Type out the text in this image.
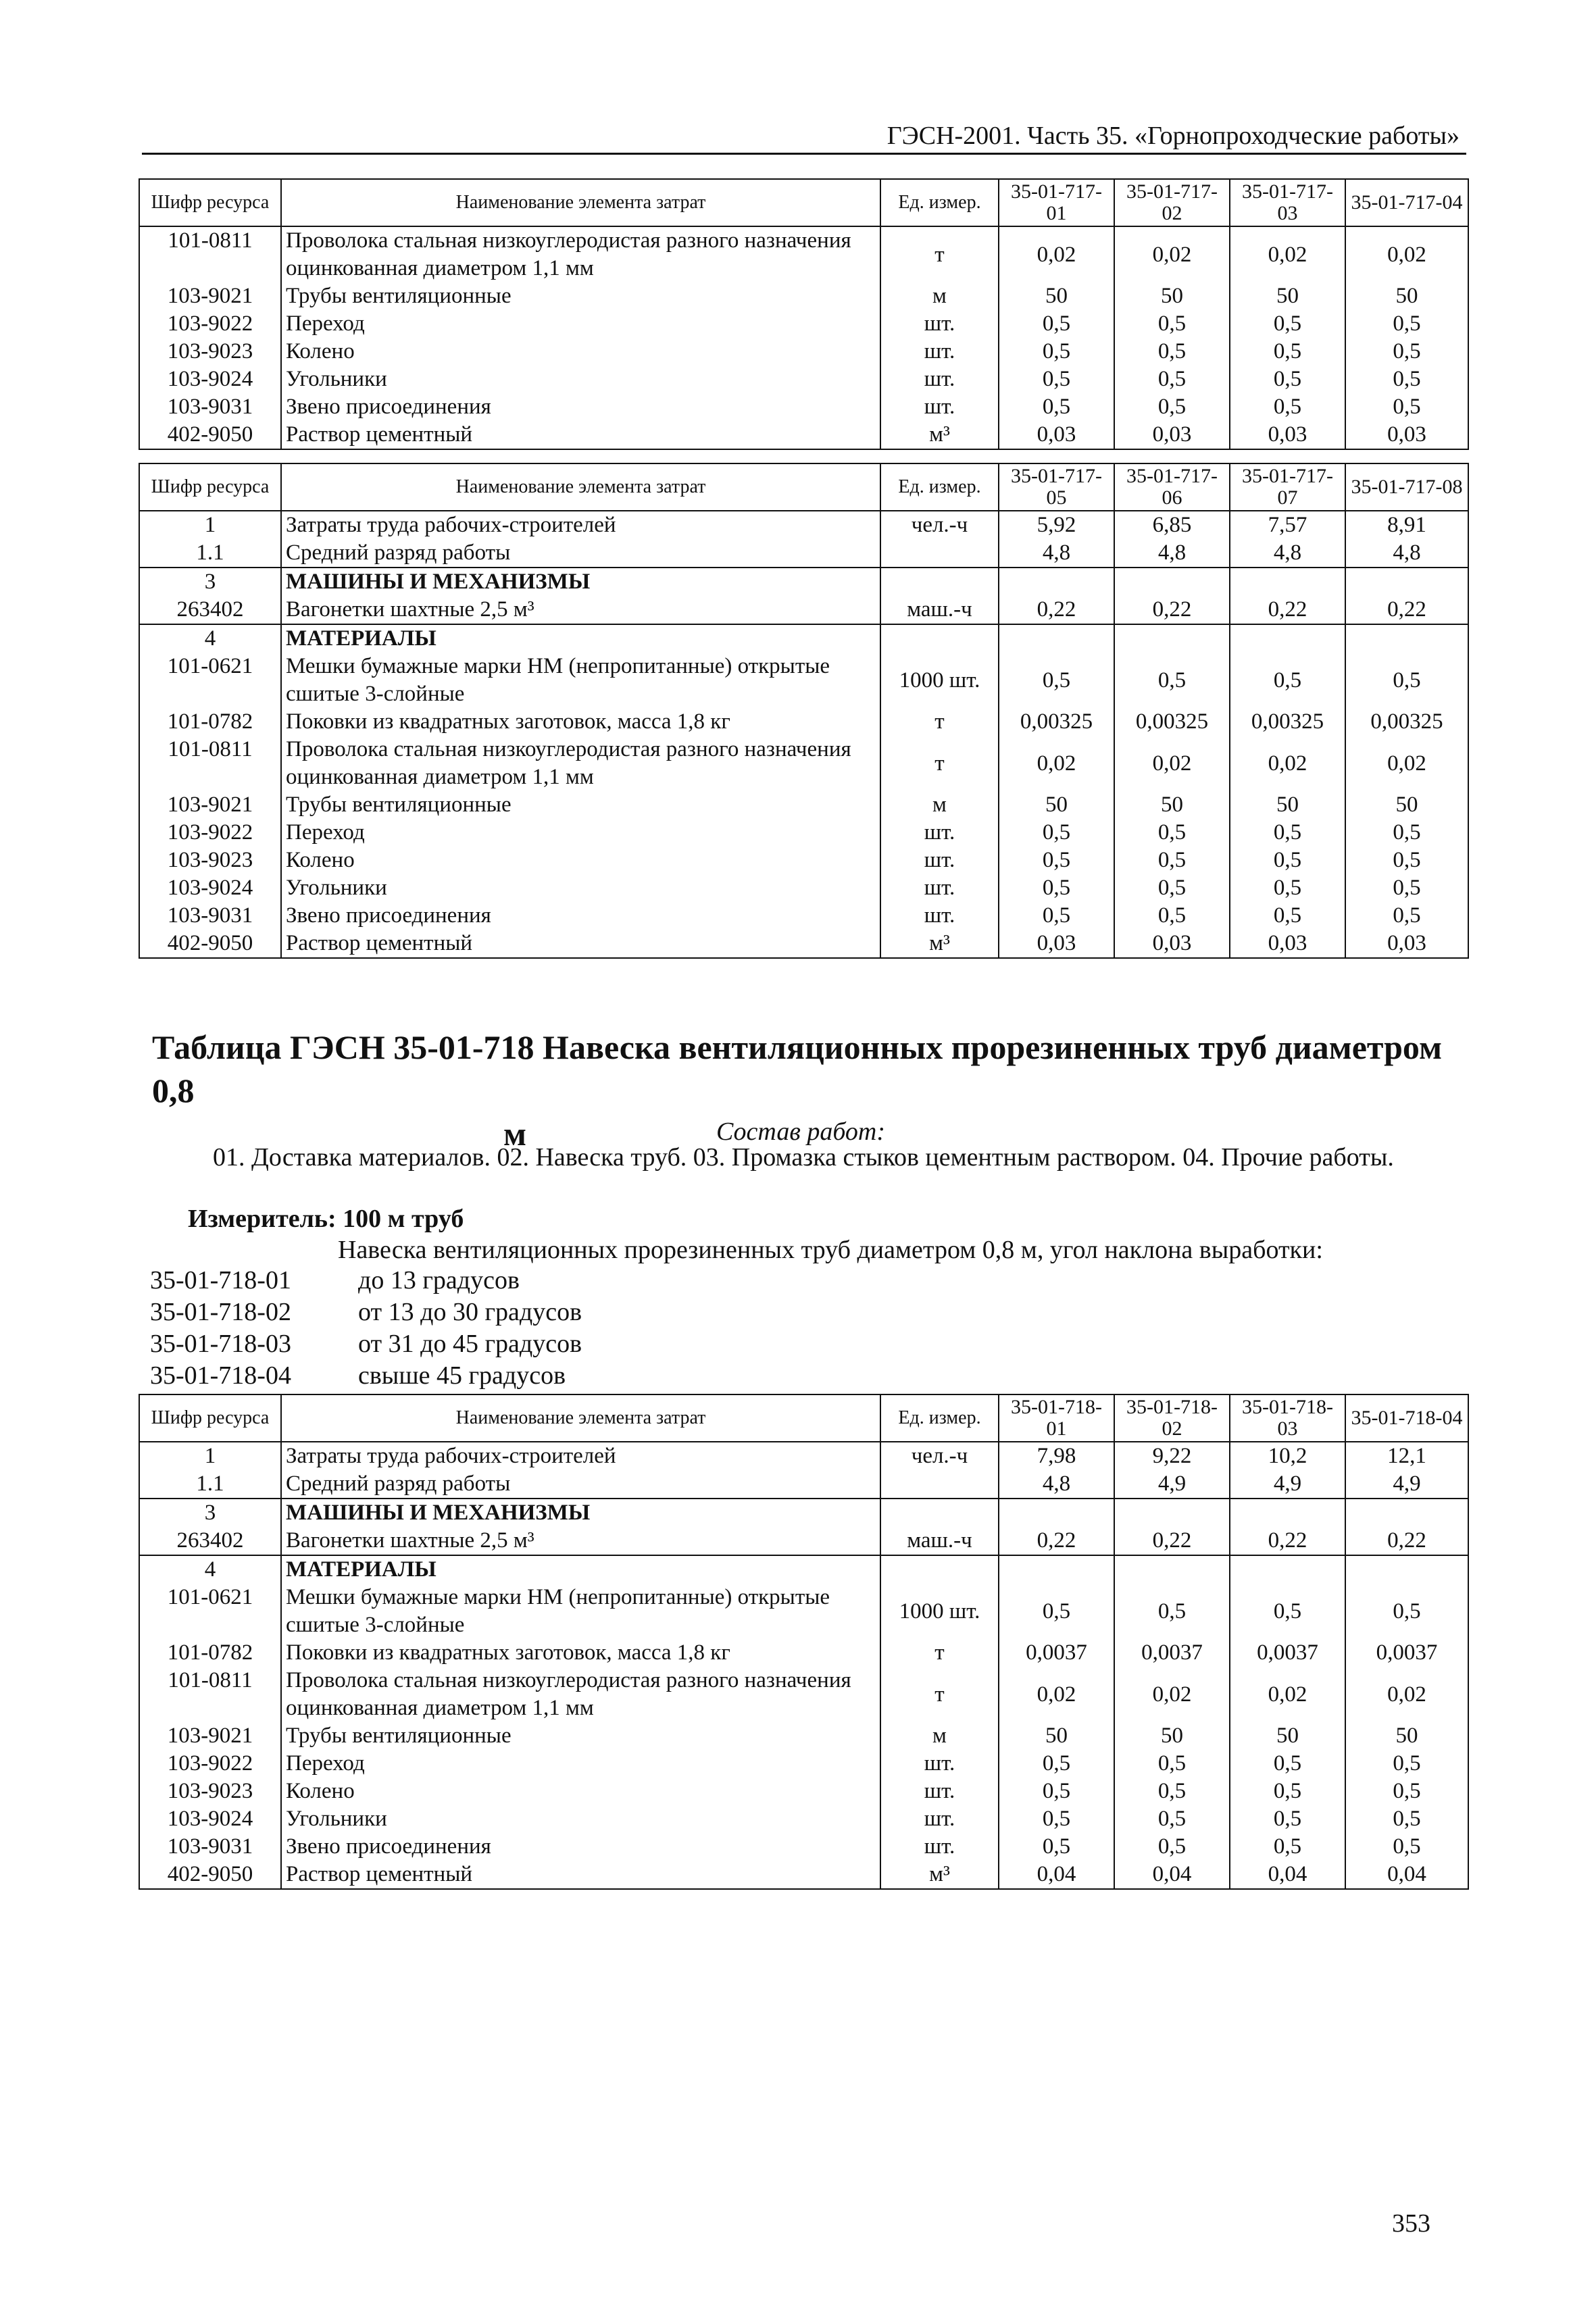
ГЭСН-2001. Часть 35. «Горнопроходческие работы»
Шифр ресурса	Наименование элемента затрат	Ед. измер.	35-01-717-01	35-01-717-02	35-01-717-03	35-01-717-04
101-0811	Проволока стальная низкоуглеродистая разного назначения оцинкованная диаметром 1,1 мм	т	0,02	0,02	0,02	0,02
103-9021	Трубы вентиляционные	м	50	50	50	50
103-9022	Переход	шт.	0,5	0,5	0,5	0,5
103-9023	Колено	шт.	0,5	0,5	0,5	0,5
103-9024	Угольники	шт.	0,5	0,5	0,5	0,5
103-9031	Звено присоединения	шт.	0,5	0,5	0,5	0,5
402-9050	Раствор цементный	м³	0,03	0,03	0,03	0,03
Шифр ресурса	Наименование элемента затрат	Ед. измер.	35-01-717-05	35-01-717-06	35-01-717-07	35-01-717-08
1	Затраты труда рабочих-строителей	чел.-ч	5,92	6,85	7,57	8,91
1.1	Средний разряд работы		4,8	4,8	4,8	4,8
3	МАШИНЫ И МЕХАНИЗМЫ					
263402	Вагонетки шахтные 2,5 м³	маш.-ч	0,22	0,22	0,22	0,22
4	МАТЕРИАЛЫ					
101-0621	Мешки бумажные марки НМ (непропитанные) открытые сшитые 3-слойные	1000 шт.	0,5	0,5	0,5	0,5
101-0782	Поковки из квадратных заготовок, масса 1,8 кг	т	0,00325	0,00325	0,00325	0,00325
101-0811	Проволока стальная низкоуглеродистая разного назначения оцинкованная диаметром 1,1 мм	т	0,02	0,02	0,02	0,02
103-9021	Трубы вентиляционные	м	50	50	50	50
103-9022	Переход	шт.	0,5	0,5	0,5	0,5
103-9023	Колено	шт.	0,5	0,5	0,5	0,5
103-9024	Угольники	шт.	0,5	0,5	0,5	0,5
103-9031	Звено присоединения	шт.	0,5	0,5	0,5	0,5
402-9050	Раствор цементный	м³	0,03	0,03	0,03	0,03
Таблица ГЭСН 35-01-718 Навеска вентиляционных прорезиненных труб диаметром 0,8
м	Состав работ:
01. Доставка материалов. 02. Навеска труб. 03. Промазка стыков цементным раствором. 04. Прочие работы.
Измеритель: 100 м труб
Навеска вентиляционных прорезиненных труб диаметром 0,8 м, угол наклона выработки:
35-01-718-01	до 13 градусов
35-01-718-02	от 13 до 30 градусов
35-01-718-03	от 31 до 45 градусов
35-01-718-04	свыше 45 градусов
Шифр ресурса	Наименование элемента затрат	Ед. измер.	35-01-718-01	35-01-718-02	35-01-718-03	35-01-718-04
1	Затраты труда рабочих-строителей	чел.-ч	7,98	9,22	10,2	12,1
1.1	Средний разряд работы		4,8	4,9	4,9	4,9
3	МАШИНЫ И МЕХАНИЗМЫ					
263402	Вагонетки шахтные 2,5 м³	маш.-ч	0,22	0,22	0,22	0,22
4	МАТЕРИАЛЫ					
101-0621	Мешки бумажные марки НМ (непропитанные) открытые сшитые 3-слойные	1000 шт.	0,5	0,5	0,5	0,5
101-0782	Поковки из квадратных заготовок, масса 1,8 кг	т	0,0037	0,0037	0,0037	0,0037
101-0811	Проволока стальная низкоуглеродистая разного назначения оцинкованная диаметром 1,1 мм	т	0,02	0,02	0,02	0,02
103-9021	Трубы вентиляционные	м	50	50	50	50
103-9022	Переход	шт.	0,5	0,5	0,5	0,5
103-9023	Колено	шт.	0,5	0,5	0,5	0,5
103-9024	Угольники	шт.	0,5	0,5	0,5	0,5
103-9031	Звено присоединения	шт.	0,5	0,5	0,5	0,5
402-9050	Раствор цементный	м³	0,04	0,04	0,04	0,04
353
